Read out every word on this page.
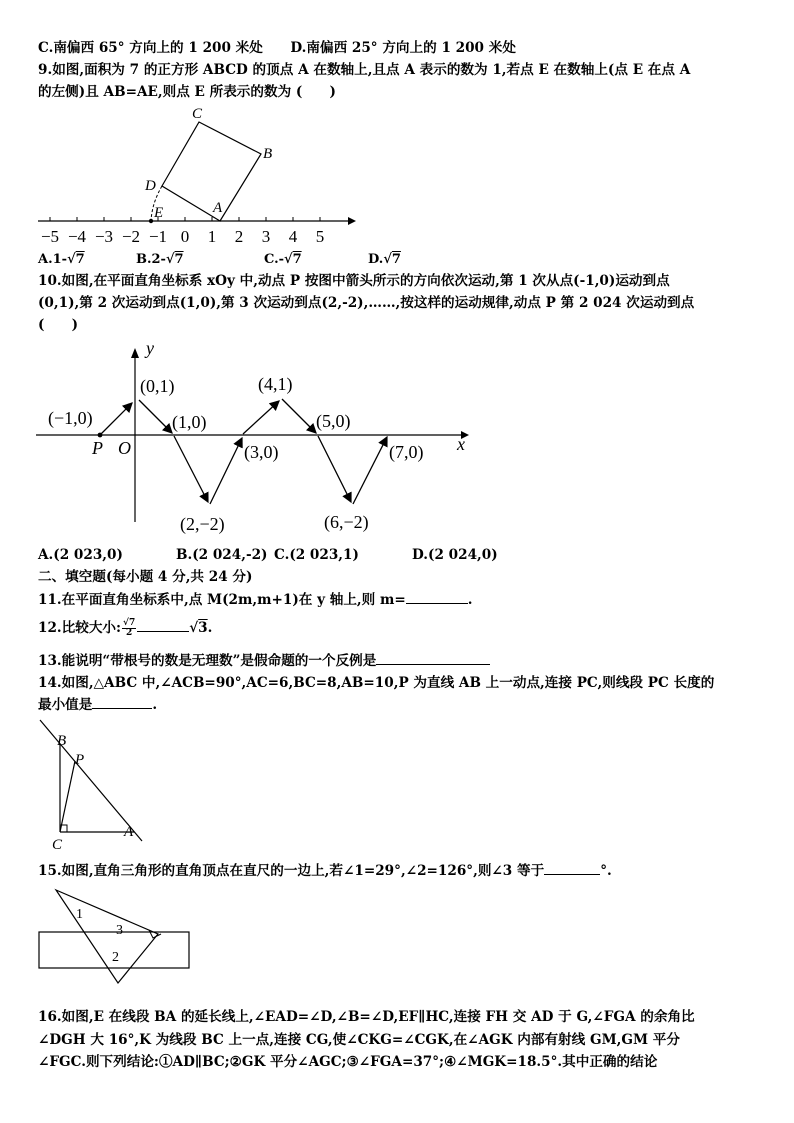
C.南偏西 65° 方向上的 1 200 米处 D.南偏西 25° 方向上的 1 200 米处
9.如图,面积为 7 的正方形 ABCD 的顶点 A 在数轴上,且点 A 表示的数为 1,若点 E 在数轴上(点 E 在点 A
的左侧)且 AB=AE,则点 E 所表示的数为 (　　)
−5 −4 −3 −2 −1 0 1 2 3 4 5
C
B
D
E	A
A.1-√7	B.2-√7	C.-√7	D.√7
10.如图,在平面直角坐标系 xOy 中,动点 P 按图中箭头所示的方向依次运动,第 1 次从点(-1,0)运动到点
(0,1),第 2 次运动到点(1,0),第 3 次运动到点(2,-2),……,按这样的运动规律,动点 P 第 2 024 次运动到点
(　　)
y
x
P O
(−1,0)
(0,1)
(1,0)
(2,−2)
(3,0)
(4,1)
(5,0)
(6,−2)
(7,0)
A.(2 023,0)	B.(2 024,-2) C.(2 023,1)	D.(2 024,0)
二、填空题(每小题 4 分,共 24 分)
11.在平面直角坐标系中,点 M(2m,m+1)在 y 轴上,则 m=	.
12.比较大小: $\frac{√7}{2}$	√3.
13.能说明“带根号的数是无理数”是假命题的一个反例是
14.如图,△ABC 中,∠ACB=90°,AC=6,BC=8,AB=10,P 为直线 AB 上一动点,连接 PC,则线段 PC 长度的
最小值是	.
B
P
C
A
15.如图,直角三角形的直角顶点在直尺的一边上,若∠1=29°,∠2=126°,则∠3 等于	°.
1
3
2
16.如图,E 在线段 BA 的延长线上,∠EAD=∠D,∠B=∠D,EF∥HC,连接 FH 交 AD 于 G,∠FGA 的余角比
∠DGH 大 16°,K 为线段 BC 上一点,连接 CG,使∠CKG=∠CGK,在∠AGK 内部有射线 GM,GM 平分
∠FGC.则下列结论:①AD∥BC;②GK 平分∠AGC;③∠FGA=37°;④∠MGK=18.5°.其中正确的结论
